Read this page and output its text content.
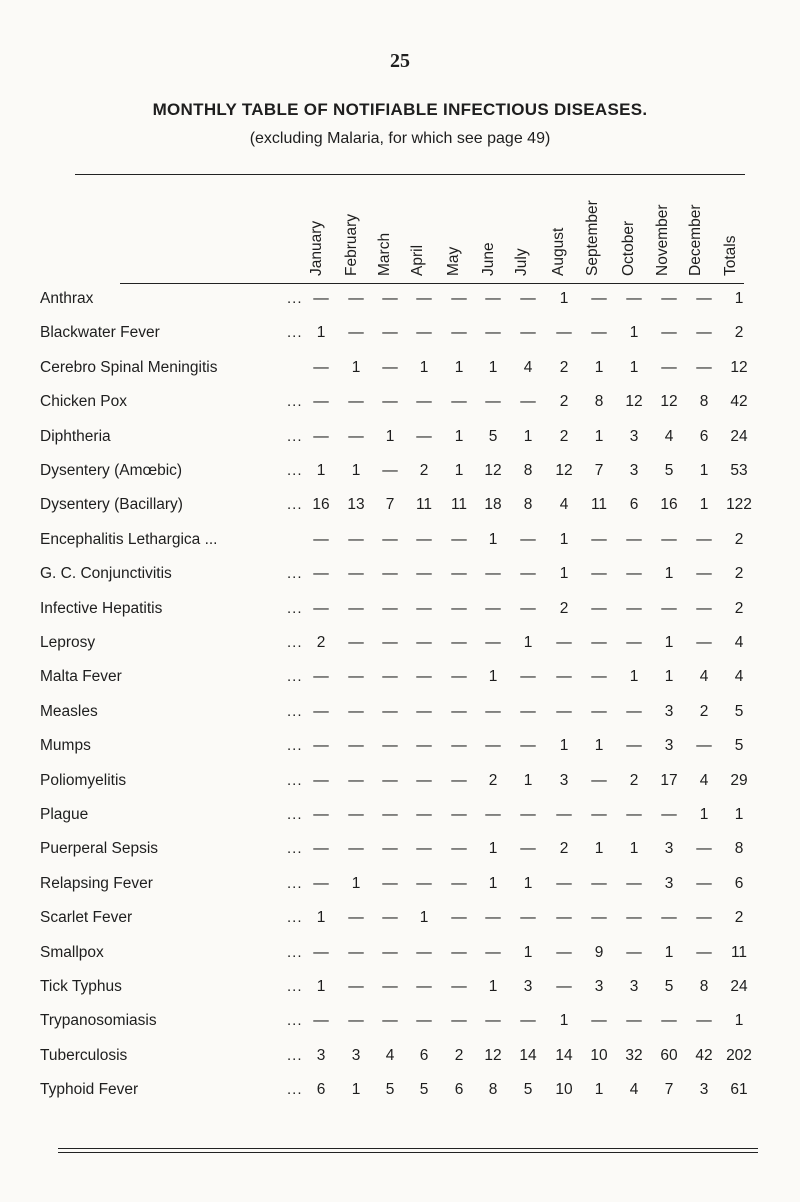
25
MONTHLY TABLE OF NOTIFIABLE INFECTIOUS DISEASES.
(excluding Malaria, for which see page 49)
January February March April May June July August September October November December Totals
Anthrax	... —	—	—	—	—	—	—	1	—	—	—	—	1
Blackwater Fever	... 1	—	—	—	—	—	—	—	—	1	—	—	2
Cerebro Spinal Meningitis	—	1	—	1	1	1	4	2	1	1	—	—	12
Chicken Pox	... —	—	—	—	—	—	—	2	8	12	12	8	42
Diphtheria	... —	—	1	—	1	5	1	2	1	3	4	6	24
Dysentery (Amœbic)	... 1	1	—	2	1	12	8	12	7	3	5	1	53
Dysentery (Bacillary)	... 16	13	7	11	11	18	8	4	11	6	16	1	122
Encephalitis Lethargica ...	—	—	—	—	—	1	—	1	—	—	—	—	2
G. C. Conjunctivitis	... —	—	—	—	—	—	—	1	—	—	1	—	2
Infective Hepatitis	... —	—	—	—	—	—	—	2	—	—	—	—	2
Leprosy	... 2	—	—	—	—	—	1	—	—	—	1	—	4
Malta Fever	... —	—	—	—	—	1	—	—	—	1	1	4	4
Measles	... —	—	—	—	—	—	—	—	—	—	3	2	5
Mumps	... —	—	—	—	—	—	—	1	1	—	3	—	5
Poliomyelitis	... —	—	—	—	—	2	1	3	—	2	17	4	29
Plague	... —	—	—	—	—	—	—	—	—	—	—	1	1
Puerperal Sepsis	... —	—	—	—	—	1	—	2	1	1	3	—	8
Relapsing Fever	... —	1	—	—	—	1	1	—	—	—	3	—	6
Scarlet Fever	... 1	—	—	1	—	—	—	—	—	—	—	—	2
Smallpox	... —	—	—	—	—	—	1	—	9	—	1	—	11
Tick Typhus	... 1	—	—	—	—	1	3	—	3	3	5	8	24
Trypanosomiasis	... —	—	—	—	—	—	—	1	—	—	—	—	1
Tuberculosis	... 3	3	4	6	2	12	14	14	10	32	60	42 202
Typhoid Fever	... 6	1	5	5	6	8	5	10	1	4	7	3	61
